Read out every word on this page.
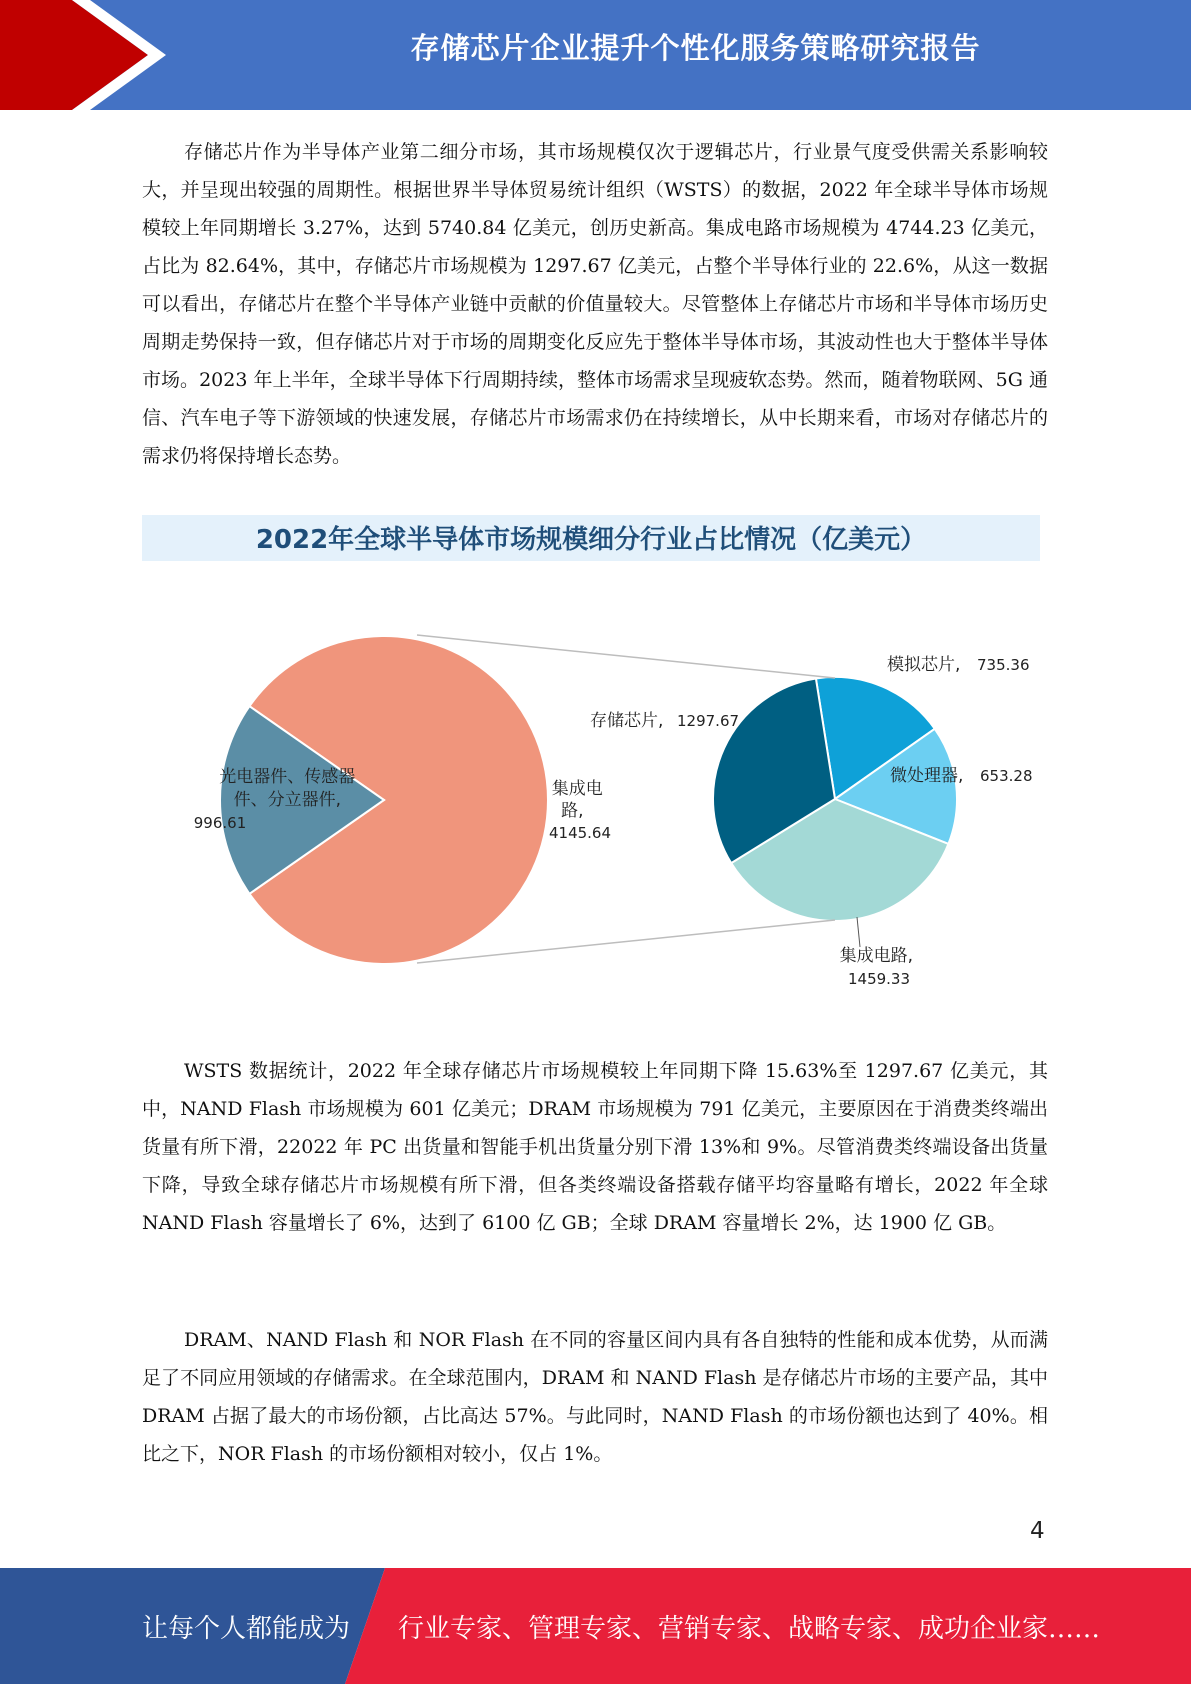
存储芯片企业提升个性化服务策略研究报告

存储芯片作为半导体产业第二细分市场，其市场规模仅次于逻辑芯片，行业景气度受供需关系影响较大，并呈现出较强的周期性。根据世界半导体贸易统计组织（WSTS）的数据，2022 年全球半导体市场规模较上年同期增长 3.27%，达到 5740.84 亿美元，创历史新高。集成电路市场规模为 4744.23 亿美元，占比为 82.64%，其中，存储芯片市场规模为 1297.67 亿美元，占整个半导体行业的 22.6%，从这一数据可以看出，存储芯片在整个半导体产业链中贡献的价值量较大。尽管整体上存储芯片市场和半导体市场历史周期走势保持一致，但存储芯片对于市场的周期变化反应先于整体半导体市场，其波动性也大于整体半导体市场。2023 年上半年，全球半导体下行周期持续，整体市场需求呈现疲软态势。然而，随着物联网、5G 通信、汽车电子等下游领域的快速发展，存储芯片市场需求仍在持续增长，从中长期来看，市场对存储芯片的需求仍将保持增长态势。

2022年全球半导体市场规模细分行业占比情况（亿美元）
光电器件、传感器 件、分立器件, 996.61
集成电 路, 4145.64
存储芯片, 1297.67
模拟芯片, 735.36
微处理器, 653.28
集成电路, 1459.33

WSTS 数据统计，2022 年全球存储芯片市场规模较上年同期下降 15.63%至 1297.67 亿美元，其中，NAND Flash 市场规模为 601 亿美元；DRAM 市场规模为 791 亿美元，主要原因在于消费类终端出货量有所下滑，22022 年 PC 出货量和智能手机出货量分别下滑 13%和 9%。尽管消费类终端设备出货量下降，导致全球存储芯片市场规模有所下滑，但各类终端设备搭载存储平均容量略有增长，2022 年全球 NAND Flash 容量增长了 6%，达到了 6100 亿 GB；全球 DRAM 容量增长 2%，达 1900 亿 GB。

DRAM、NAND Flash 和 NOR Flash 在不同的容量区间内具有各自独特的性能和成本优势，从而满足了不同应用领域的存储需求。在全球范围内，DRAM 和 NAND Flash 是存储芯片市场的主要产品，其中 DRAM 占据了最大的市场份额，占比高达 57%。与此同时，NAND Flash 的市场份额也达到了 40%。相比之下，NOR Flash 的市场份额相对较小，仅占 1%。

4
让每个人都能成为 行业专家、管理专家、营销专家、战略专家、成功企业家……
